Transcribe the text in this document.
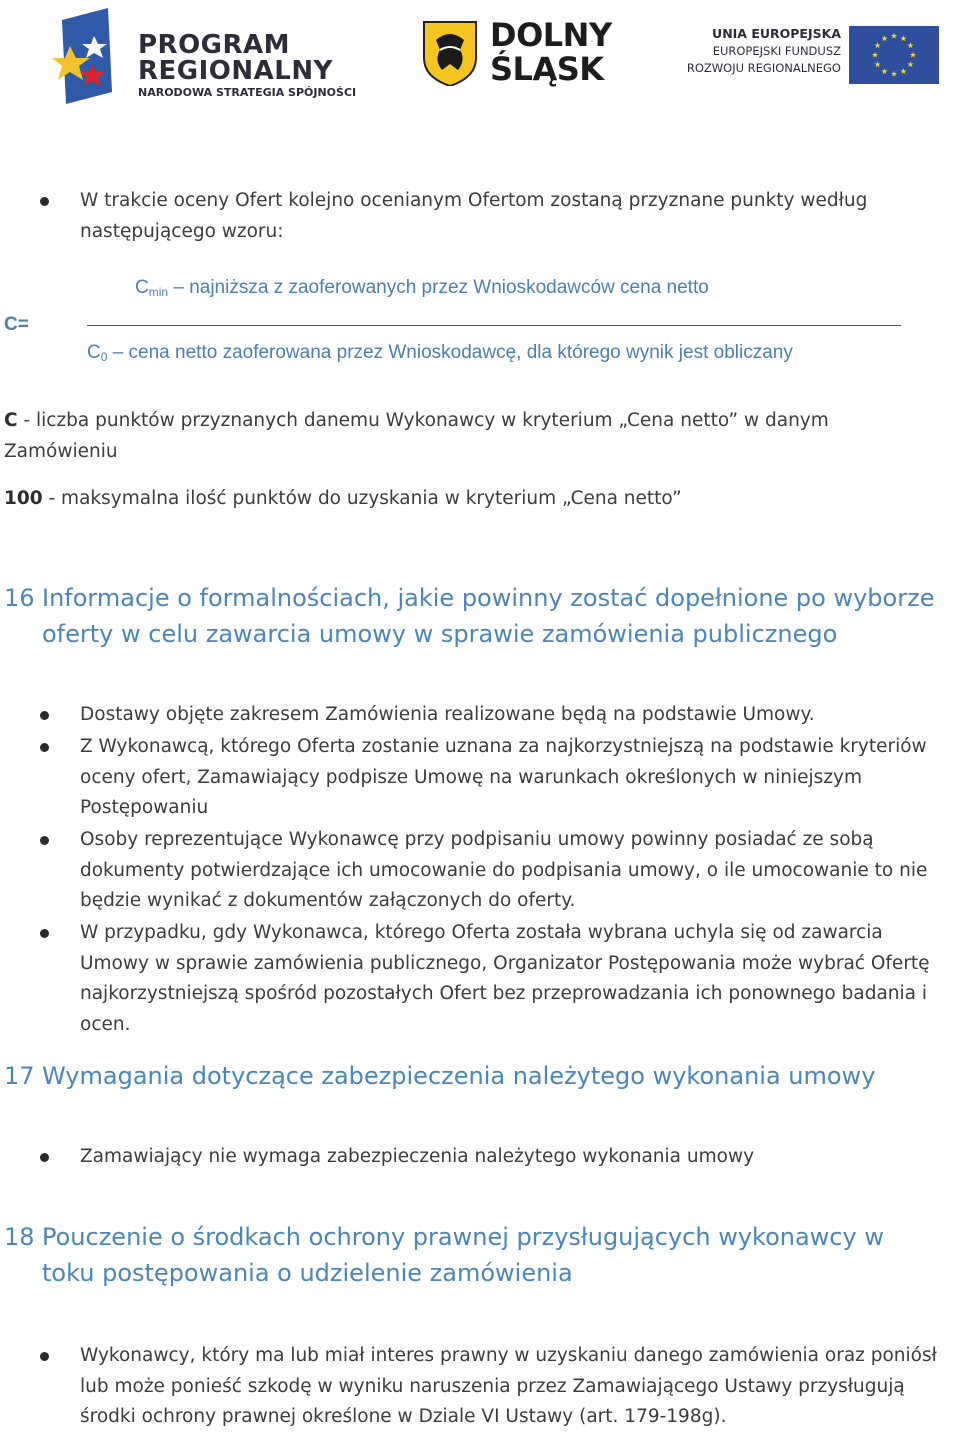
PROGRAM
REGIONALNY
NARODOWA STRATEGIA SPÓJNOŚCI
DOLNY
ŚLĄSK
UNIA EUROPEJSKA
EUROPEJSKI FUNDUSZ
ROZWOJU REGIONALNEGO
W trakcie oceny Ofert kolejno ocenianym Ofertom zostaną przyznane punkty według następującego wzoru:
C=
$C_{min}$ – najniższa z zaoferowanych przez Wnioskodawców cena netto
$C_0$ – cena netto zaoferowana przez Wnioskodawcę, dla którego wynik jest obliczany
C - liczba punktów przyznanych danemu Wykonawcy w kryterium „Cena netto” w danym Zamówieniu
100 - maksymalna ilość punktów do uzyskania w kryterium „Cena netto”
16 Informacje o formalnościach, jakie powinny zostać dopełnione po wyborze oferty w celu zawarcia umowy w sprawie zamówienia publicznego
Dostawy objęte zakresem Zamówienia realizowane będą na podstawie Umowy.
Z Wykonawcą, którego Oferta zostanie uznana za najkorzystniejszą na podstawie kryteriów oceny ofert, Zamawiający podpisze Umowę na warunkach określonych w niniejszym Postępowaniu
Osoby reprezentujące Wykonawcę przy podpisaniu umowy powinny posiadać ze sobą dokumenty potwierdzające ich umocowanie do podpisania umowy, o ile umocowanie to nie będzie wynikać z dokumentów załączonych do oferty.
W przypadku, gdy Wykonawca, którego Oferta została wybrana uchyla się od zawarcia Umowy w sprawie zamówienia publicznego, Organizator Postępowania może wybrać Ofertę najkorzystniejszą spośród pozostałych Ofert bez przeprowadzania ich ponownego badania i ocen.
17 Wymagania dotyczące zabezpieczenia należytego wykonania umowy
Zamawiający nie wymaga zabezpieczenia należytego wykonania umowy
18 Pouczenie o środkach ochrony prawnej przysługujących wykonawcy w toku postępowania o udzielenie zamówienia
Wykonawcy, który ma lub miał interes prawny w uzyskaniu danego zamówienia oraz poniósł lub może ponieść szkodę w wyniku naruszenia przez Zamawiającego Ustawy przysługują środki ochrony prawnej określone w Dziale VI Ustawy (art. 179-198g).
